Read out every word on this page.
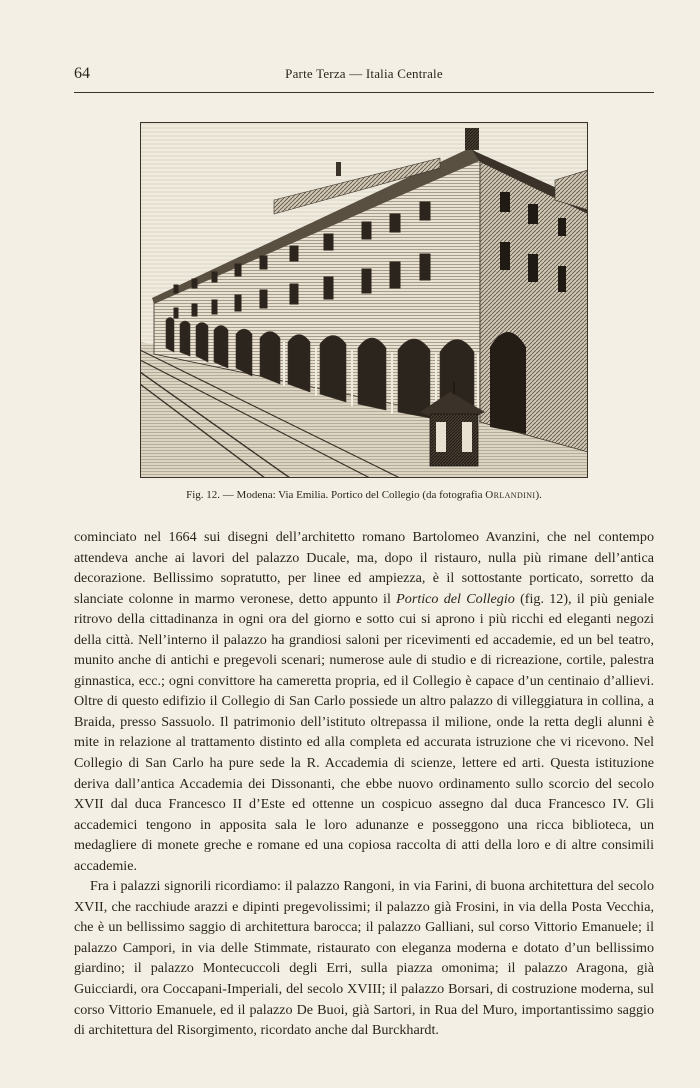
64	Parte Terza — Italia Centrale
Fig. 12. — Modena: Via Emilia. Portico del Collegio (da fotografia Orlandini).

cominciato nel 1664 sui disegni dell’architetto romano Bartolomeo Avanzini, che nel contempo attendeva anche ai lavori del palazzo Ducale, ma, dopo il ristauro, nulla più rimane dell’antica decorazione. Bellissimo sopratutto, per linee ed ampiezza, è il sottostante porticato, sorretto da slanciate colonne in marmo veronese, detto appunto il Portico del Collegio (fig. 12), il più geniale ritrovo della cittadinanza in ogni ora del giorno e sotto cui si aprono i più ricchi ed eleganti negozi della città. Nell’interno il palazzo ha grandiosi saloni per ricevimenti ed accademie, ed un bel teatro, munito anche di antichi e pregevoli scenari; numerose aule di studio e di ricreazione, cortile, palestra ginnastica, ecc.; ogni convittore ha cameretta propria, ed il Collegio è capace d’un centinaio d’allievi. Oltre di questo edifizio il Collegio di San Carlo possiede un altro palazzo di villeggiatura in collina, a Braida, presso Sassuolo. Il patrimonio dell’istituto oltrepassa il milione, onde la retta degli alunni è mite in relazione al trattamento distinto ed alla completa ed accurata istruzione che vi ricevono. Nel Collegio di San Carlo ha pure sede la R. Accademia di scienze, lettere ed arti. Questa istituzione deriva dall’antica Accademia dei Dissonanti, che ebbe nuovo ordinamento sullo scorcio del secolo XVII dal duca Francesco II d’Este ed ottenne un cospicuo assegno dal duca Francesco IV. Gli accademici tengono in apposita sala le loro adunanze e posseggono una ricca biblioteca, un medagliere di monete greche e romane ed una copiosa raccolta di atti della loro e di altre consimili accademie.

Fra i palazzi signorili ricordiamo: il palazzo Rangoni, in via Farini, di buona architettura del secolo XVII, che racchiude arazzi e dipinti pregevolissimi; il palazzo già Frosini, in via della Posta Vecchia, che è un bellissimo saggio di architettura barocca; il palazzo Galliani, sul corso Vittorio Emanuele; il palazzo Campori, in via delle Stimmate, ristaurato con eleganza moderna e dotato d’un bellissimo giardino; il palazzo Montecuccoli degli Erri, sulla piazza omonima; il palazzo Aragona, già Guicciardi, ora Coccapani-Imperiali, del secolo XVIII; il palazzo Borsari, di costruzione moderna, sul corso Vittorio Emanuele, ed il palazzo De Buoi, già Sartori, in Rua del Muro, importantissimo saggio di architettura del Risorgimento, ricordato anche dal Burckhardt.
